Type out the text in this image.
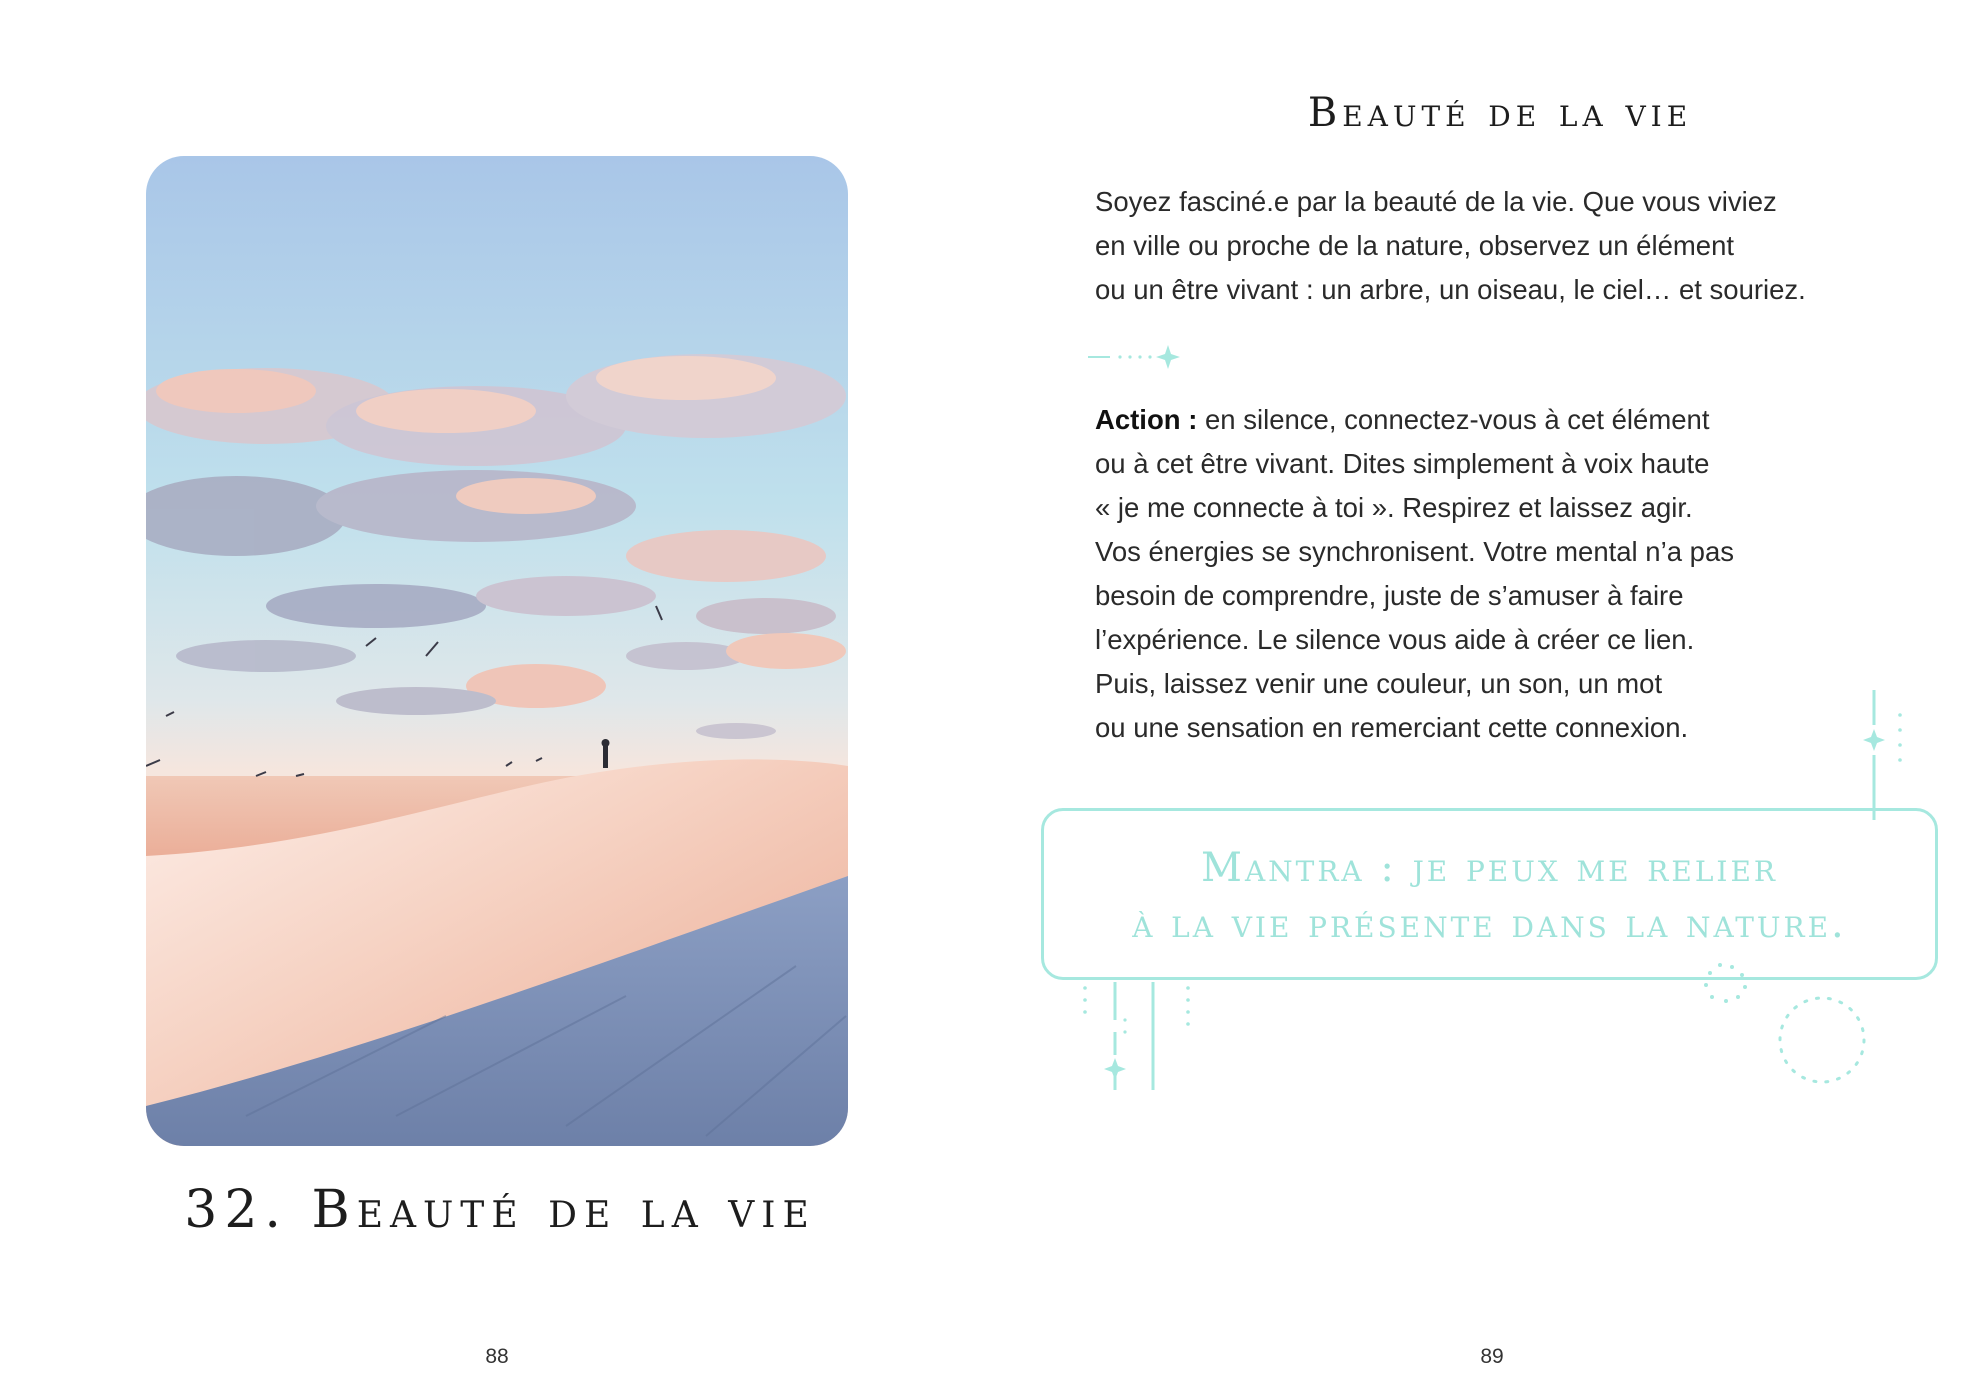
32. Beauté de la vie
88
Beauté de la vie

Soyez fasciné.e par la beauté de la vie. Que vous viviez
en ville ou proche de la nature, observez un élément
ou un être vivant : un arbre, un oiseau, le ciel… et souriez.

Action : en silence, connectez-vous à cet élément
ou à cet être vivant. Dites simplement à voix haute
« je me connecte à toi ». Respirez et laissez agir.
Vos énergies se synchronisent. Votre mental n’a pas
besoin de comprendre, juste de s’amuser à faire
l’expérience. Le silence vous aide à créer ce lien.
Puis, laissez venir une couleur, un son, un mot
ou une sensation en remerciant cette connexion.

Mantra : je peux me relier
à la vie présente dans la nature.

89
